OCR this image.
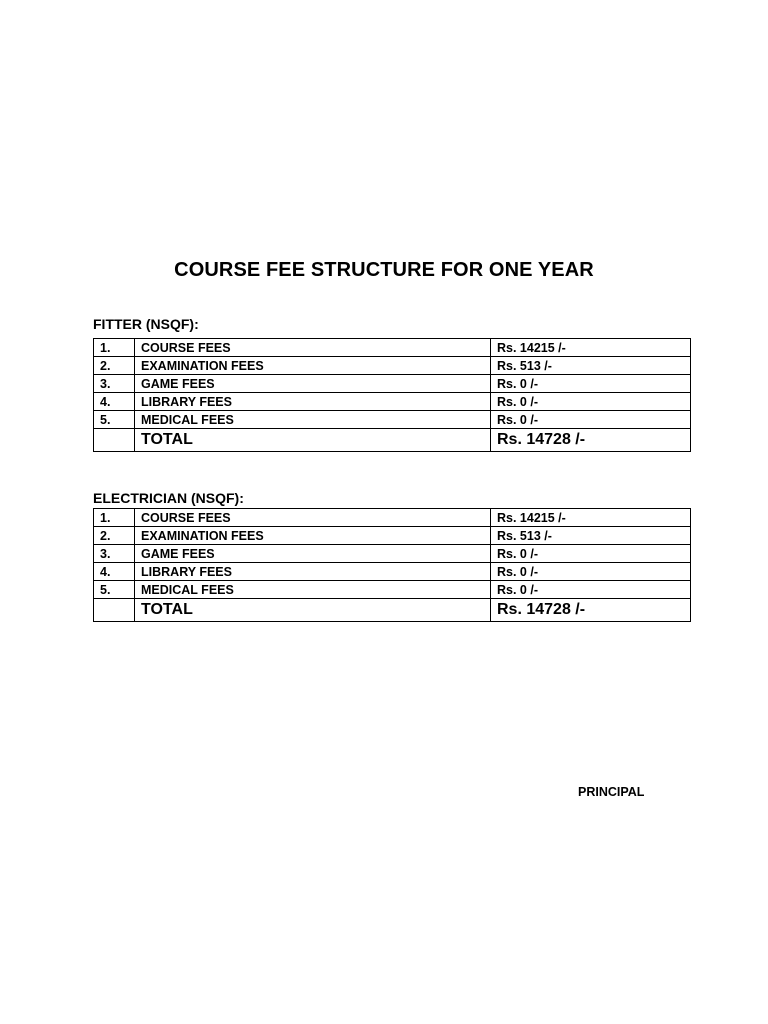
COURSE FEE STRUCTURE FOR ONE YEAR

FITTER (NSQF):

1.	COURSE FEES	Rs. 14215 /-
2.	EXAMINATION FEES	Rs. 513 /-
3.	GAME FEES	Rs. 0 /-
4.	LIBRARY FEES	Rs. 0 /-
5.	MEDICAL FEES	Rs. 0 /-
	TOTAL	Rs. 14728 /-

ELECTRICIAN (NSQF):

1.	COURSE FEES	Rs. 14215 /-
2.	EXAMINATION FEES	Rs. 513 /-
3.	GAME FEES	Rs. 0 /-
4.	LIBRARY FEES	Rs. 0 /-
5.	MEDICAL FEES	Rs. 0 /-
	TOTAL	Rs. 14728 /-

PRINCIPAL
